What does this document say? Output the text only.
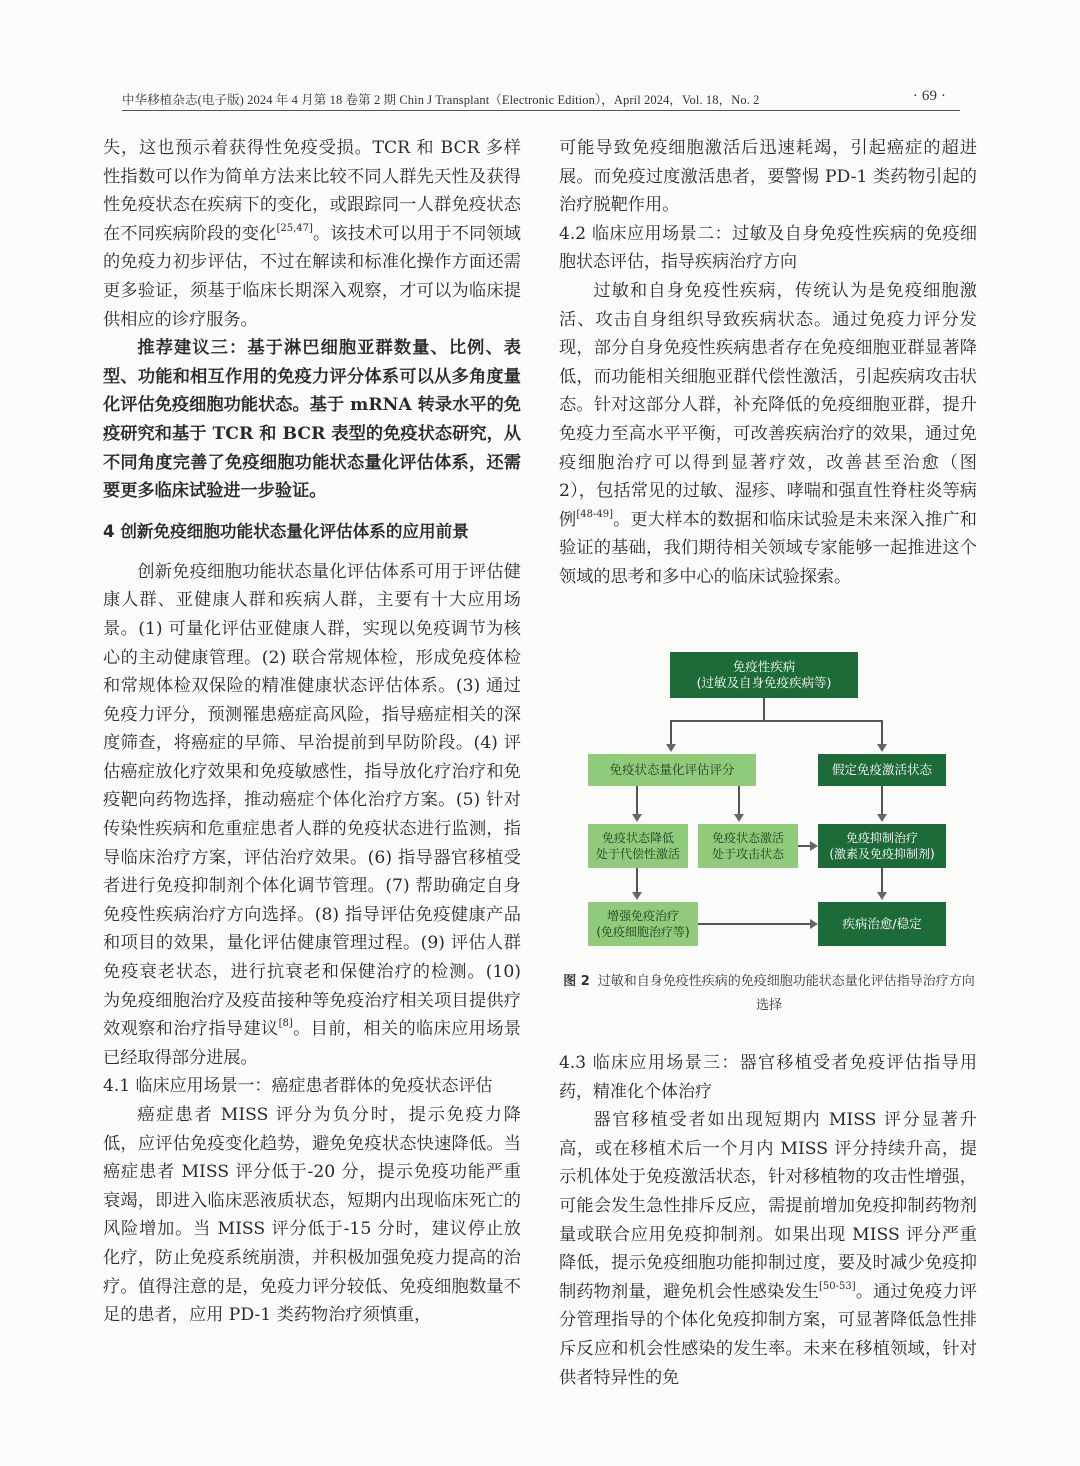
中华移植杂志(电子版) 2024 年 4 月第 18 卷第 2 期 Chin J Transplant（Electronic Edition），April 2024，Vol. 18，No. 2	· 69 ·

失，这也预示着获得性免疫受损。TCR 和 BCR 多样性指数可以作为简单方法来比较不同人群先天性及获得性免疫状态在疾病下的变化，或跟踪同一人群免疫状态在不同疾病阶段的变化[25,47]。该技术可以用于不同领域的免疫力初步评估，不过在解读和标准化操作方面还需更多验证，须基于临床长期深入观察，才可以为临床提供相应的诊疗服务。

推荐建议三：基于淋巴细胞亚群数量、比例、表型、功能和相互作用的免疫力评分体系可以从多角度量化评估免疫细胞功能状态。基于 mRNA 转录水平的免疫研究和基于 TCR 和 BCR 表型的免疫状态研究，从不同角度完善了免疫细胞功能状态量化评估体系，还需要更多临床试验进一步验证。

4 创新免疫细胞功能状态量化评估体系的应用前景

创新免疫细胞功能状态量化评估体系可用于评估健康人群、亚健康人群和疾病人群，主要有十大应用场景。(1) 可量化评估亚健康人群，实现以免疫调节为核心的主动健康管理。(2) 联合常规体检，形成免疫体检和常规体检双保险的精准健康状态评估体系。(3) 通过免疫力评分，预测罹患癌症高风险，指导癌症相关的深度筛查，将癌症的早筛、早治提前到早防阶段。(4) 评估癌症放化疗效果和免疫敏感性，指导放化疗治疗和免疫靶向药物选择，推动癌症个体化治疗方案。(5) 针对传染性疾病和危重症患者人群的免疫状态进行监测，指导临床治疗方案，评估治疗效果。(6) 指导器官移植受者进行免疫抑制剂个体化调节管理。(7) 帮助确定自身免疫性疾病治疗方向选择。(8) 指导评估免疫健康产品和项目的效果，量化评估健康管理过程。(9) 评估人群免疫衰老状态，进行抗衰老和保健治疗的检测。(10) 为免疫细胞治疗及疫苗接种等免疫治疗相关项目提供疗效观察和治疗指导建议[8]。目前，相关的临床应用场景已经取得部分进展。

4.1 临床应用场景一：癌症患者群体的免疫状态评估

癌症患者 MISS 评分为负分时，提示免疫力降低，应评估免疫变化趋势，避免免疫状态快速降低。当癌症患者 MISS 评分低于-20 分，提示免疫功能严重衰竭，即进入临床恶液质状态，短期内出现临床死亡的风险增加。当 MISS 评分低于-15 分时，建议停止放化疗，防止免疫系统崩溃，并积极加强免疫力提高的治疗。值得注意的是，免疫力评分较低、免疫细胞数量不足的患者，应用 PD-1 类药物治疗须慎重，

可能导致免疫细胞激活后迅速耗竭，引起癌症的超进展。而免疫过度激活患者，要警惕 PD-1 类药物引起的治疗脱靶作用。

4.2 临床应用场景二：过敏及自身免疫性疾病的免疫细胞状态评估，指导疾病治疗方向

过敏和自身免疫性疾病，传统认为是免疫细胞激活、攻击自身组织导致疾病状态。通过免疫力评分发现，部分自身免疫性疾病患者存在免疫细胞亚群显著降低，而功能相关细胞亚群代偿性激活，引起疾病攻击状态。针对这部分人群，补充降低的免疫细胞亚群，提升免疫力至高水平平衡，可改善疾病治疗的效果，通过免疫细胞治疗可以得到显著疗效，改善甚至治愈（图 2），包括常见的过敏、湿疹、哮喘和强直性脊柱炎等病例[48-49]。更大样本的数据和临床试验是未来深入推广和验证的基础，我们期待相关领域专家能够一起推进这个领域的思考和多中心的临床试验探索。

免疫性疾病
(过敏及自身免疫疾病等)
免疫状态量化评估评分	假定免疫激活状态
免疫状态降低
处于代偿性激活
免疫状态激活
处于攻击状态
免疫抑制治疗
(激素及免疫抑制剂)
增强免疫治疗
(免疫细胞治疗等)
疾病治愈/稳定
图 2 过敏和自身免疫性疾病的免疫细胞功能状态量化评估指导治疗方向选择

4.3 临床应用场景三：器官移植受者免疫评估指导用药，精准化个体治疗

器官移植受者如出现短期内 MISS 评分显著升高，或在移植术后一个月内 MISS 评分持续升高，提示机体处于免疫激活状态，针对移植物的攻击性增强，可能会发生急性排斥反应，需提前增加免疫抑制药物剂量或联合应用免疫抑制剂。如果出现 MISS 评分严重降低，提示免疫细胞功能抑制过度，要及时减少免疫抑制药物剂量，避免机会性感染发生[50-53]。通过免疫力评分管理指导的个体化免疫抑制方案，可显著降低急性排斥反应和机会性感染的发生率。未来在移植领域，针对供者特异性的免
